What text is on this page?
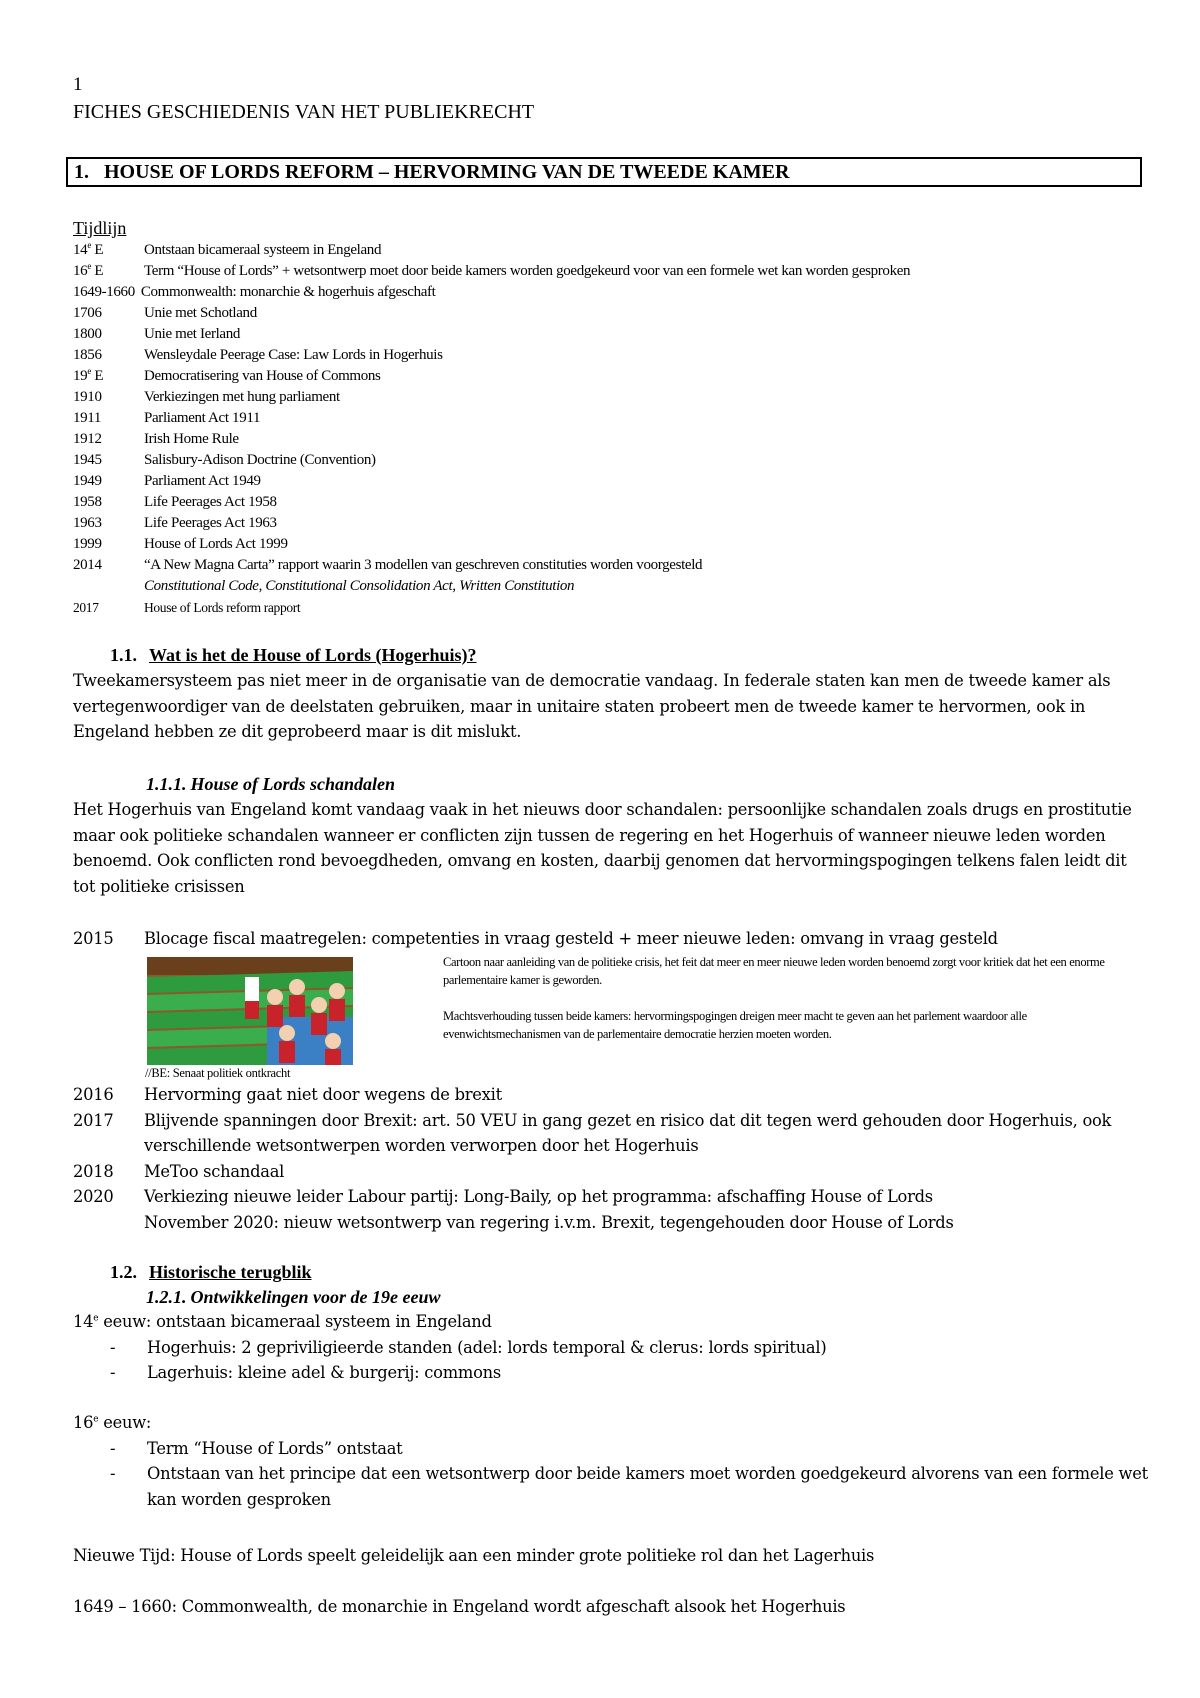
1
FICHES GESCHIEDENIS VAN HET PUBLIEKRECHT
1. HOUSE OF LORDS REFORM – HERVORMING VAN DE TWEEDE KAMER
Tijdlijn
14e E	Ontstaan bicameraal systeem in Engeland
16e E	Term “House of Lords” + wetsontwerp moet door beide kamers worden goedgekeurd voor van een formele wet kan worden gesproken
1649-1660 Commonwealth: monarchie & hogerhuis afgeschaft
1706	Unie met Schotland
1800	Unie met Ierland
1856	Wensleydale Peerage Case: Law Lords in Hogerhuis
19e E	Democratisering van House of Commons
1910	Verkiezingen met hung parliament
1911	Parliament Act 1911
1912	Irish Home Rule
1945	Salisbury-Adison Doctrine (Convention)
1949	Parliament Act 1949
1958	Life Peerages Act 1958
1963	Life Peerages Act 1963
1999	House of Lords Act 1999
2014	“A New Magna Carta” rapport waarin 3 modellen van geschreven constituties worden voorgesteld
Constitutional Code, Constitutional Consolidation Act, Written Constitution
2017	House of Lords reform rapport
1.1. Wat is het de House of Lords (Hogerhuis)?

Tweekamersysteem pas niet meer in de organisatie van de democratie vandaag. In federale staten kan men de tweede kamer als vertegenwoordiger van de deelstaten gebruiken, maar in unitaire staten probeert men de tweede kamer te hervormen, ook in Engeland hebben ze dit geprobeerd maar is dit mislukt.

1.1.1. House of Lords schandalen

Het Hogerhuis van Engeland komt vandaag vaak in het nieuws door schandalen: persoonlijke schandalen zoals drugs en prostitutie maar ook politieke schandalen wanneer er conflicten zijn tussen de regering en het Hogerhuis of wanneer nieuwe leden worden benoemd. Ook conflicten rond bevoegdheden, omvang en kosten, daarbij genomen dat hervormingspogingen telkens falen leidt dit tot politieke crisissen

2015	Blocage fiscal maatregelen: competenties in vraag gesteld + meer nieuwe leden: omvang in vraag gesteld
//BE: Senaat politiek ontkracht

Cartoon naar aanleiding van de politieke crisis, het feit dat meer en meer nieuwe leden worden benoemd zorgt voor kritiek dat het een enorme parlementaire kamer is geworden.

Machtsverhouding tussen beide kamers: hervormingspogingen dreigen meer macht te geven aan het parlement waardoor alle evenwichtsmechanismen van de parlementaire democratie herzien moeten worden.

2016	Hervorming gaat niet door wegens de brexit
2017	Blijvende spanningen door Brexit: art. 50 VEU in gang gezet en risico dat dit tegen werd gehouden door Hogerhuis, ook verschillende wetsontwerpen worden verworpen door het Hogerhuis
2018	MeToo schandaal
2020	Verkiezing nieuwe leider Labour partij: Long-Baily, op het programma: afschaffing House of Lords
November 2020: nieuw wetsontwerp van regering i.v.m. Brexit, tegengehouden door House of Lords
1.2. Historische terugblik
1.2.1. Ontwikkelingen voor de 19e eeuw

14e eeuw: ontstaan bicameraal systeem in Engeland

-	Hogerhuis: 2 gepriviligieerde standen (adel: lords temporal & clerus: lords spiritual)
-	Lagerhuis: kleine adel & burgerij: commons

16e eeuw:

-	Term “House of Lords” ontstaat
-	Ontstaan van het principe dat een wetsontwerp door beide kamers moet worden goedgekeurd alvorens van een formele wet kan worden gesproken

Nieuwe Tijd: House of Lords speelt geleidelijk aan een minder grote politieke rol dan het Lagerhuis

1649 – 1660: Commonwealth, de monarchie in Engeland wordt afgeschaft alsook het Hogerhuis
